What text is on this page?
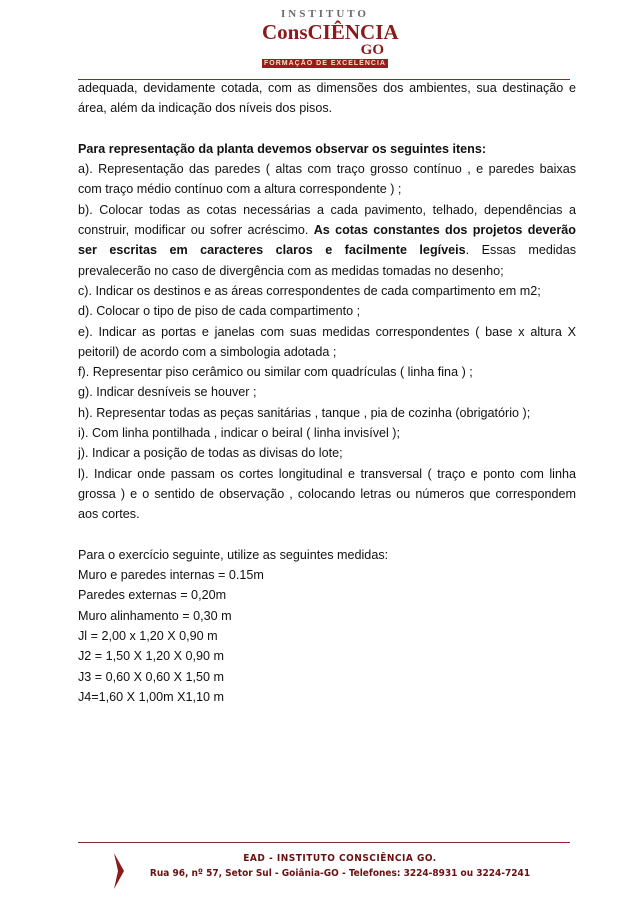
INSTITUTO
ConsCIÊNCIA
GO
FORMAÇÃO DE EXCELÊNCIA

adequada, devidamente cotada, com as dimensões dos ambientes, sua destinação e

área, além da indicação dos níveis dos pisos.

Para representação da planta devemos observar os seguintes itens:

a). Representação das paredes ( altas com traço grosso contínuo , e paredes baixas

com traço médio contínuo com a altura correspondente ) ;

b). Colocar todas as cotas necessárias a cada pavimento, telhado, dependências a

construir, modificar ou sofrer acréscimo. As cotas constantes dos projetos deverão

ser escritas em caracteres claros e facilmente legíveis. Essas medidas

prevalecerão no caso de divergência com as medidas tomadas no desenho;

c). Indicar os destinos e as áreas correspondentes de cada compartimento em m2;

d). Colocar o tipo de piso de cada compartimento ;

e). Indicar as portas e janelas com suas medidas correspondentes ( base x altura X

peitoril) de acordo com a simbologia adotada ;

f). Representar piso cerâmico ou similar com quadrículas ( linha fina ) ;

g). Indicar desníveis se houver ;

h). Representar todas as peças sanitárias , tanque , pia de cozinha (obrigatório );

i). Com linha pontilhada , indicar o beiral ( linha invisível );

j). Indicar a posição de todas as divisas do lote;

l). Indicar onde passam os cortes longitudinal e transversal ( traço e ponto com linha

grossa ) e o sentido de observação , colocando letras ou números que correspondem

aos cortes.

Para o exercício seguinte, utilize as seguintes medidas:

Muro e paredes internas = 0.15m

Paredes externas = 0,20m

Muro alinhamento = 0,30 m

Jl = 2,00 x 1,20 X 0,90 m

J2 = 1,50 X 1,20 X 0,90 m

J3 = 0,60 X 0,60 X 1,50 m

J4=1,60 X 1,00m X1,10 m

EAD - INSTITUTO CONSCIÊNCIA GO.
Rua 96, nº 57, Setor Sul - Goiânia-GO - Telefones: 3224-8931 ou 3224-7241
